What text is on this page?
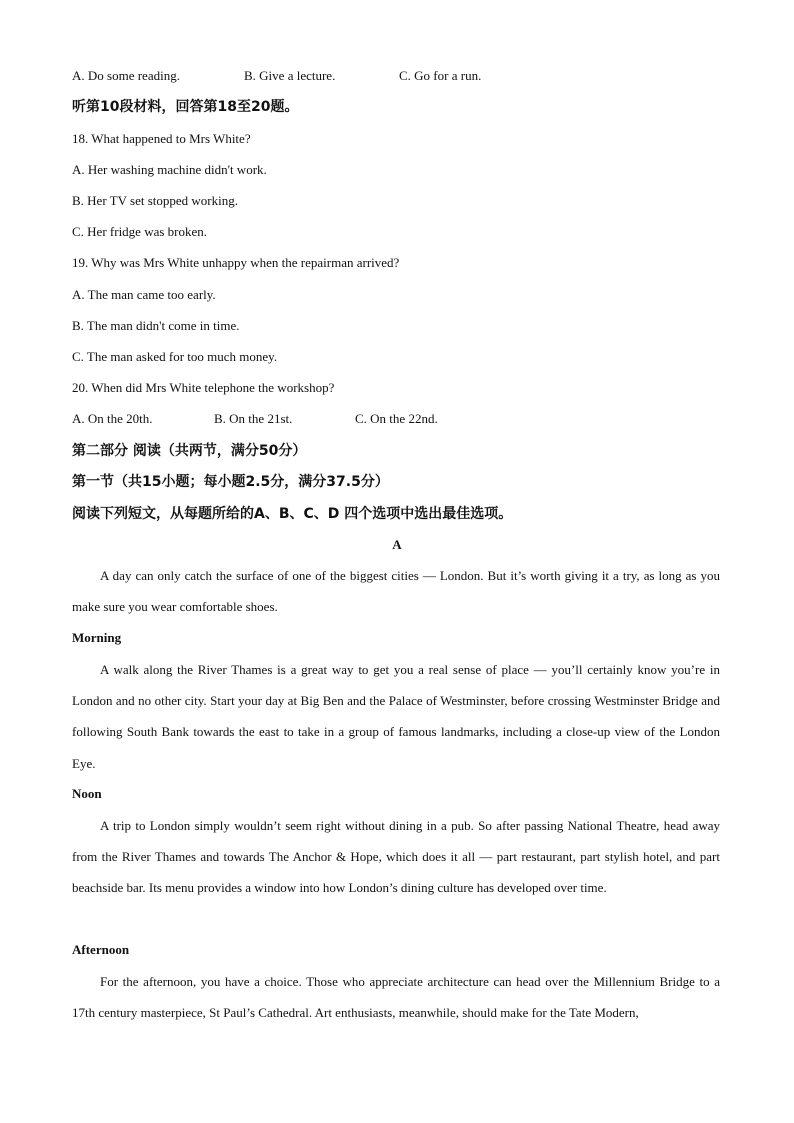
A. Do some reading.	B. Give a lecture.	C. Go for a run.
听第10段材料，回答第18至20题。
18. What happened to Mrs White?
A. Her washing machine didn't work.
B. Her TV set stopped working.
C. Her fridge was broken.
19. Why was Mrs White unhappy when the repairman arrived?
A. The man came too early.
B. The man didn't come in time.
C. The man asked for too much money.
20. When did Mrs White telephone the workshop?
A. On the 20th.	B. On the 21st.	C. On the 22nd.
第二部分 阅读（共两节，满分50分）
第一节（共15小题；每小题2.5分，满分37.5分）
阅读下列短文，从每题所给的A、B、C、D 四个选项中选出最佳选项。
A
A day can only catch the surface of one of the biggest cities — London. But it’s worth giving it a try, as long as you make sure you wear comfortable shoes.
Morning
A walk along the River Thames is a great way to get you a real sense of place — you’ll certainly know you’re in London and no other city. Start your day at Big Ben and the Palace of Westminster, before crossing Westminster Bridge and following South Bank towards the east to take in a group of famous landmarks, including a close-up view of the London Eye.
Noon
A trip to London simply wouldn’t seem right without dining in a pub. So after passing National Theatre, head away from the River Thames and towards The Anchor & Hope, which does it all — part restaurant, part stylish hotel, and part beachside bar. Its menu provides a window into how London’s dining culture has developed over time.
Afternoon
For the afternoon, you have a choice. Those who appreciate architecture can head over the Millennium Bridge to a 17th century masterpiece, St Paul’s Cathedral. Art enthusiasts, meanwhile, should make for the Tate Modern,
